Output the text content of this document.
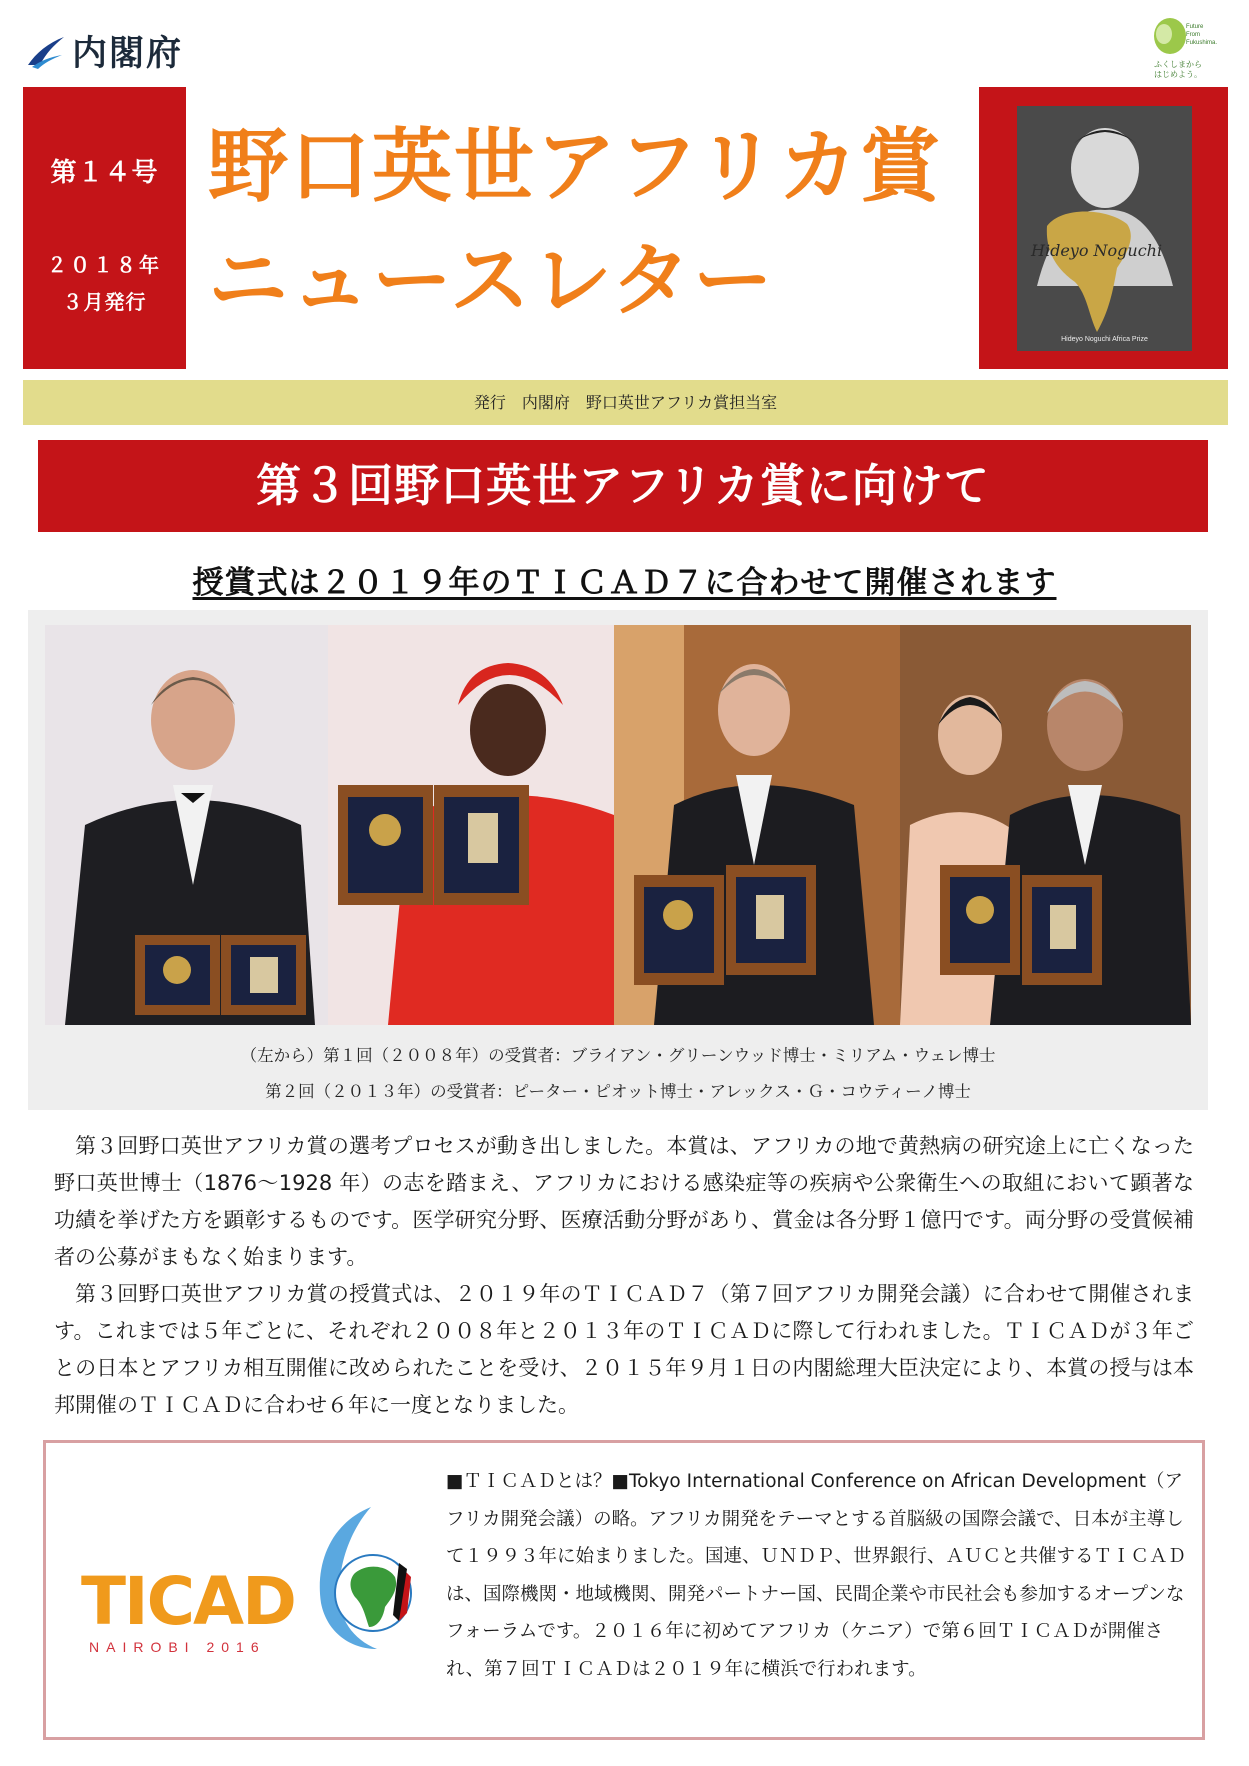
内閣府
Future
From
Fukushima.
ふくしまから
はじめよう。
第１４号
２０１８年
３月発行
野口英世アフリカ賞
ニュースレター	Hideyo Noguchi
Hideyo Noguchi Africa Prize
発行　内閣府　野口英世アフリカ賞担当室
第３回野口英世アフリカ賞に向けて
授賞式は２０１９年のＴＩＣＡＤ７に合わせて開催されます
（左から）第１回（２００８年）の受賞者：ブライアン・グリーンウッド博士・ミリアム・ウェレ博士
第２回（２０１３年）の受賞者：ピーター・ピオット博士・アレックス・Ｇ・コウティーノ博士

第３回野口英世アフリカ賞の選考プロセスが動き出しました。本賞は、アフリカの地で黄熱病の研究途上に亡くなった野口英世博士（1876～1928 年）の志を踏まえ、アフリカにおける感染症等の疾病や公衆衛生への取組において顕著な功績を挙げた方を顕彰するものです。医学研究分野、医療活動分野があり、賞金は各分野１億円です。両分野の受賞候補者の公募がまもなく始まります。

第３回野口英世アフリカ賞の授賞式は、２０１９年のＴＩＣＡＤ７（第７回アフリカ開発会議）に合わせて開催されます。これまでは５年ごとに、それぞれ２００８年と２０１３年のＴＩＣＡＤに際して行われました。ＴＩＣＡＤが３年ごとの日本とアフリカ相互開催に改められたことを受け、２０１５年９月１日の内閣総理大臣決定により、本賞の授与は本邦開催のＴＩＣＡＤに合わせ６年に一度となりました。

TICAD
NAIROBI 2016
■ＴＩＣＡＤとは？■Tokyo International Conference on African Development（アフリカ開発会議）の略。アフリカ開発をテーマとする首脳級の国際会議で、日本が主導して１９９３年に始まりました。国連、ＵＮＤＰ、世界銀行、ＡＵＣと共催するＴＩＣＡＤは、国際機関・地域機関、開発パートナー国、民間企業や市民社会も参加するオープンなフォーラムです。２０１６年に初めてアフリカ（ケニア）で第６回ＴＩＣＡＤが開催され、第７回ＴＩＣＡＤは２０１９年に横浜で行われます。
